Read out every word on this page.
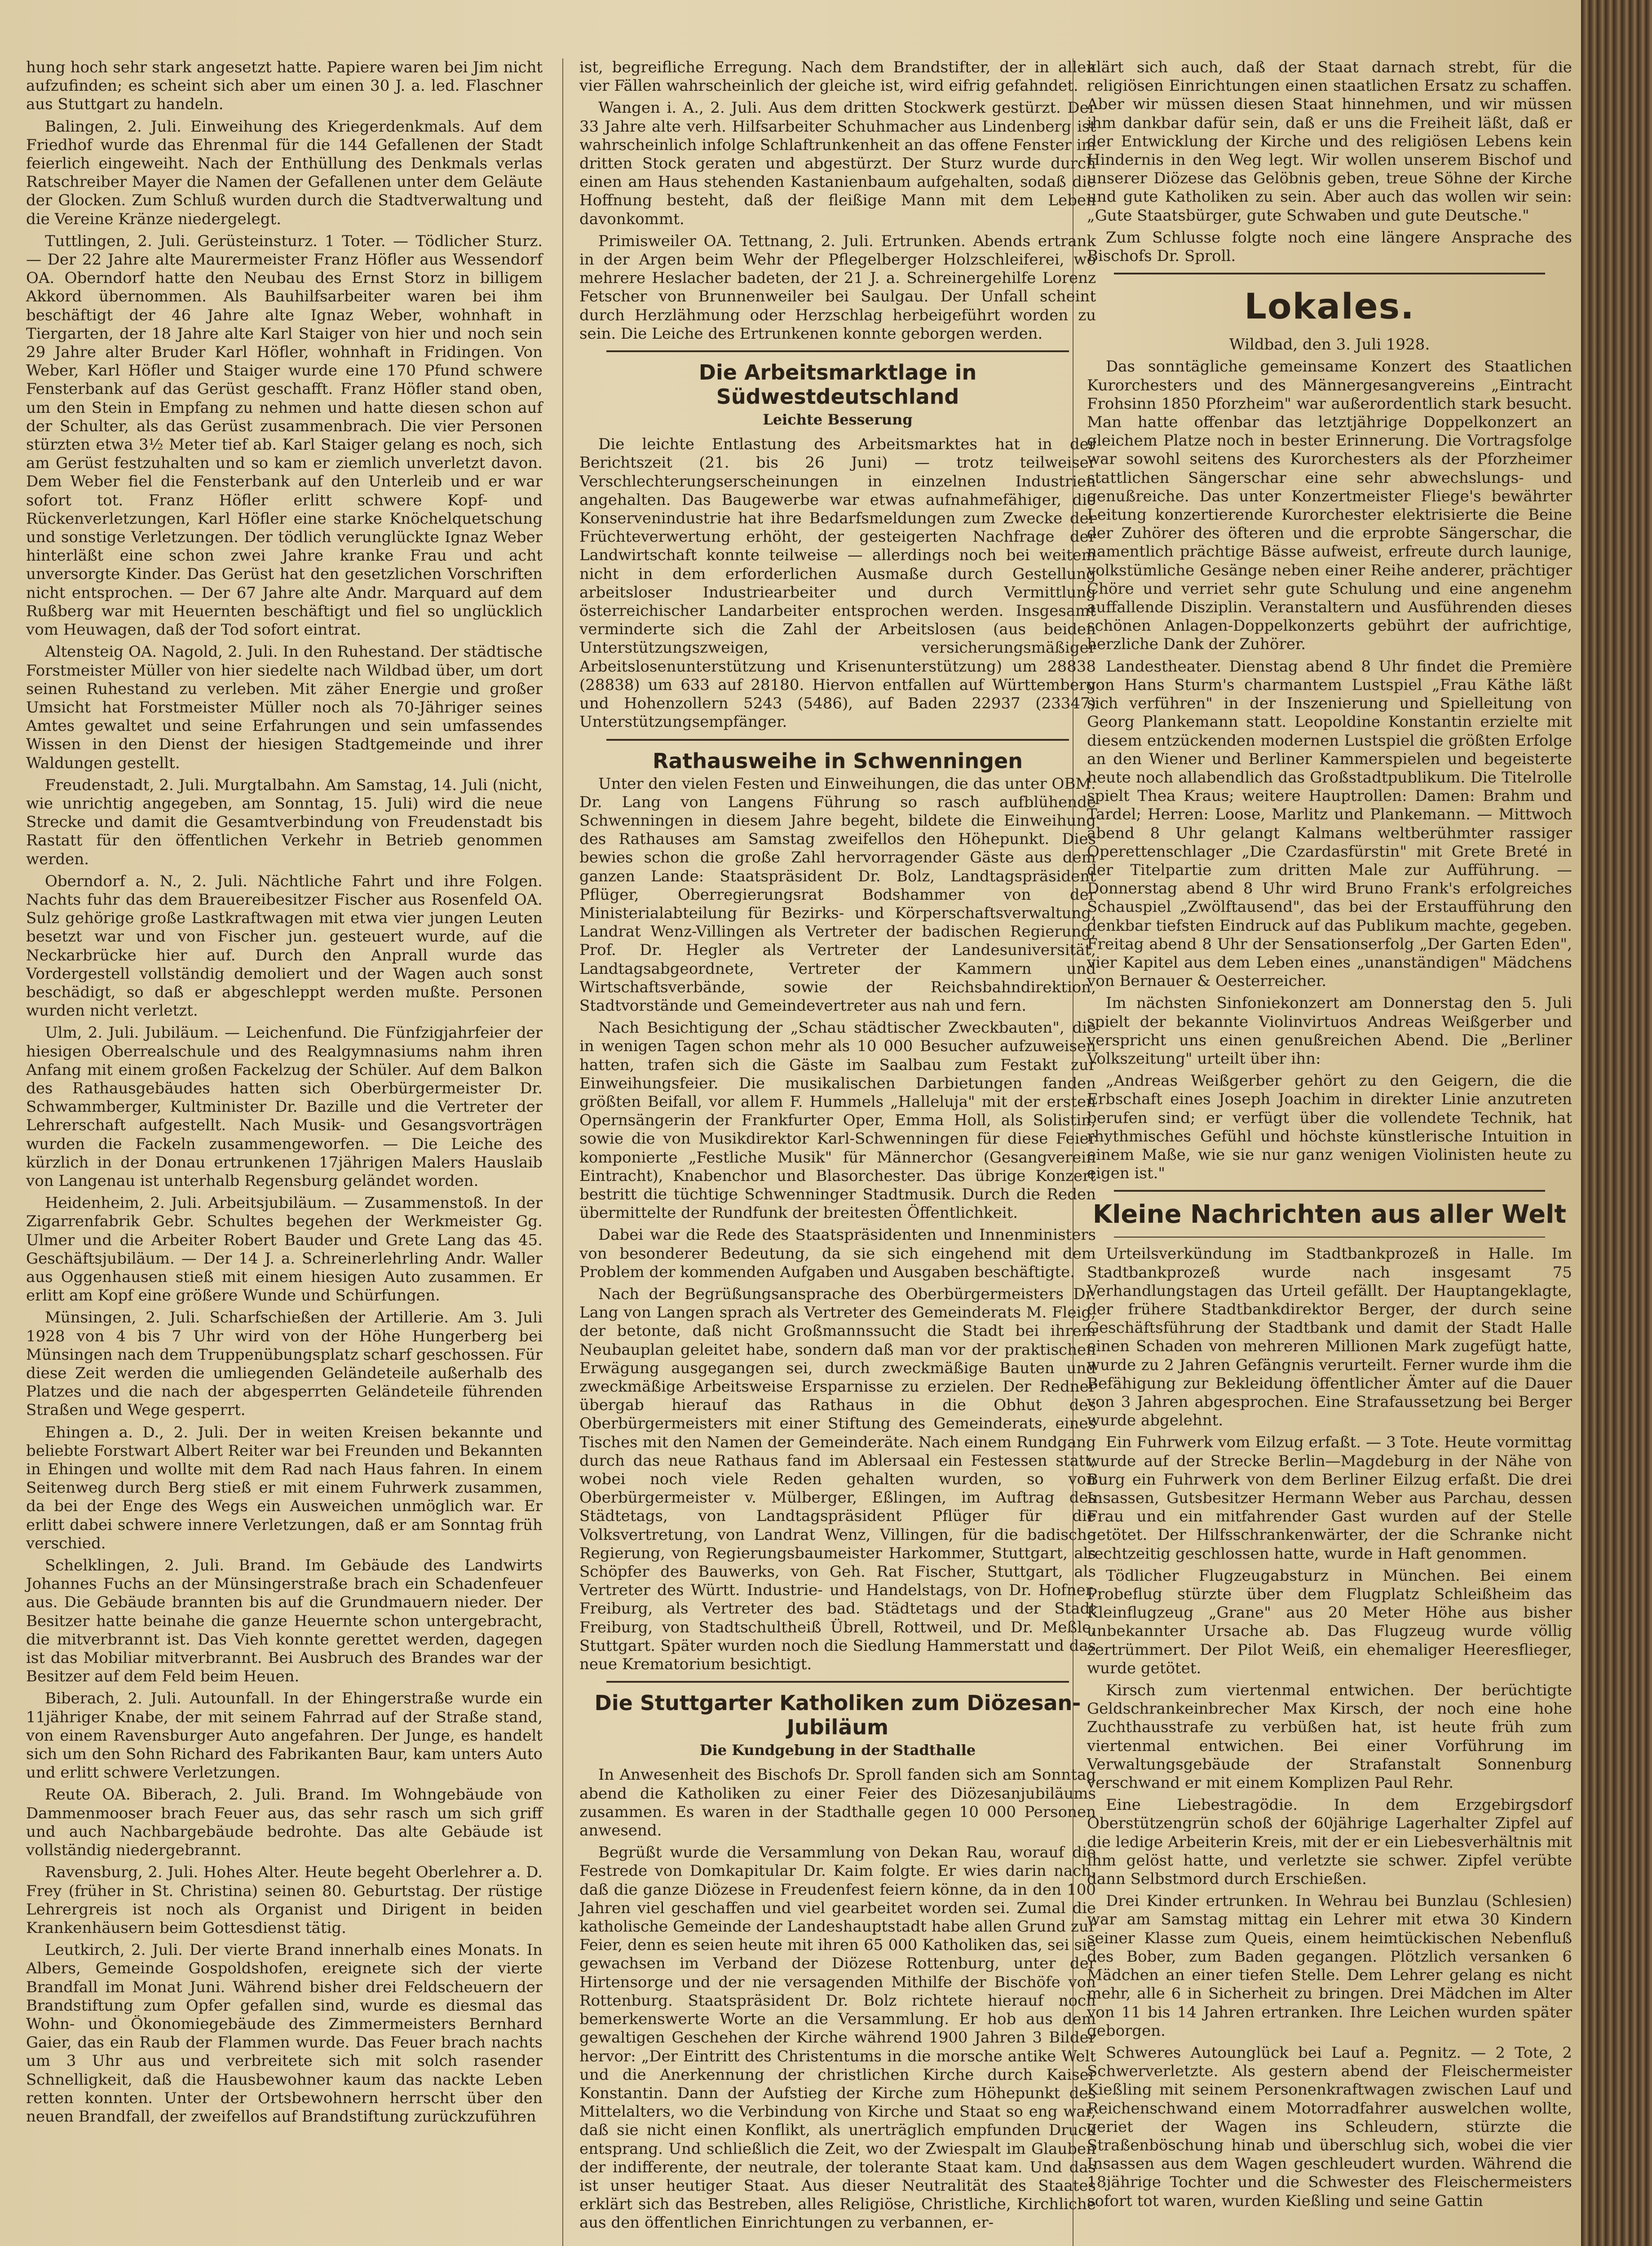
hung hoch sehr stark angesetzt hatte. Papiere waren bei Jim nicht aufzufinden; es scheint sich aber um einen 30 J. a. led. Flaschner aus Stuttgart zu handeln.

Balingen, 2. Juli. Einweihung des Kriegerdenkmals. Auf dem Friedhof wurde das Ehrenmal für die 144 Gefallenen der Stadt feierlich eingeweiht. Nach der Enthüllung des Denkmals verlas Ratschreiber Mayer die Namen der Gefallenen unter dem Geläute der Glocken. Zum Schluß wurden durch die Stadtverwaltung und die Vereine Kränze niedergelegt.

Tuttlingen, 2. Juli. Gerüsteinsturz. 1 Toter. — Tödlicher Sturz. — Der 22 Jahre alte Maurermeister Franz Höfler aus Wessendorf OA. Oberndorf hatte den Neubau des Ernst Storz in billigem Akkord übernommen. Als Bauhilfsarbeiter waren bei ihm beschäftigt der 46 Jahre alte Ignaz Weber, wohnhaft in Tiergarten, der 18 Jahre alte Karl Staiger von hier und noch sein 29 Jahre alter Bruder Karl Höfler, wohnhaft in Fridingen. Von Weber, Karl Höfler und Staiger wurde eine 170 Pfund schwere Fensterbank auf das Gerüst geschafft. Franz Höfler stand oben, um den Stein in Empfang zu nehmen und hatte diesen schon auf der Schulter, als das Gerüst zusammenbrach. Die vier Personen stürzten etwa 3½ Meter tief ab. Karl Staiger gelang es noch, sich am Gerüst festzuhalten und so kam er ziemlich unverletzt davon. Dem Weber fiel die Fensterbank auf den Unterleib und er war sofort tot. Franz Höfler erlitt schwere Kopf- und Rückenverletzungen, Karl Höfler eine starke Knöchelquetschung und sonstige Verletzungen. Der tödlich verunglückte Ignaz Weber hinterläßt eine schon zwei Jahre kranke Frau und acht unversorgte Kinder. Das Gerüst hat den gesetzlichen Vorschriften nicht entsprochen. — Der 67 Jahre alte Andr. Marquard auf dem Rußberg war mit Heuernten beschäftigt und fiel so unglücklich vom Heuwagen, daß der Tod sofort eintrat.

Altensteig OA. Nagold, 2. Juli. In den Ruhestand. Der städtische Forstmeister Müller von hier siedelte nach Wildbad über, um dort seinen Ruhestand zu verleben. Mit zäher Energie und großer Umsicht hat Forstmeister Müller noch als 70-Jähriger seines Amtes gewaltet und seine Erfahrungen und sein umfassendes Wissen in den Dienst der hiesigen Stadtgemeinde und ihrer Waldungen gestellt.

Freudenstadt, 2. Juli. Murgtalbahn. Am Samstag, 14. Juli (nicht, wie unrichtig angegeben, am Sonntag, 15. Juli) wird die neue Strecke und damit die Gesamtverbindung von Freudenstadt bis Rastatt für den öffentlichen Verkehr in Betrieb genommen werden.

Oberndorf a. N., 2. Juli. Nächtliche Fahrt und ihre Folgen. Nachts fuhr das dem Brauereibesitzer Fischer aus Rosenfeld OA. Sulz gehörige große Lastkraftwagen mit etwa vier jungen Leuten besetzt war und von Fischer jun. gesteuert wurde, auf die Neckarbrücke hier auf. Durch den Anprall wurde das Vordergestell vollständig demoliert und der Wagen auch sonst beschädigt, so daß er abgeschleppt werden mußte. Personen wurden nicht verletzt.

Ulm, 2. Juli. Jubiläum. — Leichenfund. Die Fünfzigjahrfeier der hiesigen Oberrealschule und des Realgymnasiums nahm ihren Anfang mit einem großen Fackelzug der Schüler. Auf dem Balkon des Rathausgebäudes hatten sich Oberbürgermeister Dr. Schwammberger, Kultminister Dr. Bazille und die Vertreter der Lehrerschaft aufgestellt. Nach Musik- und Gesangsvorträgen wurden die Fackeln zusammengeworfen. — Die Leiche des kürzlich in der Donau ertrunkenen 17jährigen Malers Hauslaib von Langenau ist unterhalb Regensburg geländet worden.

Heidenheim, 2. Juli. Arbeitsjubiläum. — Zusammenstoß. In der Zigarrenfabrik Gebr. Schultes begehen der Werkmeister Gg. Ulmer und die Arbeiter Robert Bauder und Grete Lang das 45. Geschäftsjubiläum. — Der 14 J. a. Schreinerlehrling Andr. Waller aus Oggenhausen stieß mit einem hiesigen Auto zusammen. Er erlitt am Kopf eine größere Wunde und Schürfungen.

Münsingen, 2. Juli. Scharfschießen der Artillerie. Am 3. Juli 1928 von 4 bis 7 Uhr wird von der Höhe Hungerberg bei Münsingen nach dem Truppenübungsplatz scharf geschossen. Für diese Zeit werden die umliegenden Geländeteile außerhalb des Platzes und die nach der abgesperrten Geländeteile führenden Straßen und Wege gesperrt.

Ehingen a. D., 2. Juli. Der in weiten Kreisen bekannte und beliebte Forstwart Albert Reiter war bei Freunden und Bekannten in Ehingen und wollte mit dem Rad nach Haus fahren. In einem Seitenweg durch Berg stieß er mit einem Fuhrwerk zusammen, da bei der Enge des Wegs ein Ausweichen unmöglich war. Er erlitt dabei schwere innere Verletzungen, daß er am Sonntag früh verschied.

Schelklingen, 2. Juli. Brand. Im Gebäude des Landwirts Johannes Fuchs an der Münsingerstraße brach ein Schadenfeuer aus. Die Gebäude brannten bis auf die Grundmauern nieder. Der Besitzer hatte beinahe die ganze Heuernte schon untergebracht, die mitverbrannt ist. Das Vieh konnte gerettet werden, dagegen ist das Mobiliar mitverbrannt. Bei Ausbruch des Brandes war der Besitzer auf dem Feld beim Heuen.

Biberach, 2. Juli. Autounfall. In der Ehingerstraße wurde ein 11jähriger Knabe, der mit seinem Fahrrad auf der Straße stand, von einem Ravensburger Auto angefahren. Der Junge, es handelt sich um den Sohn Richard des Fabrikanten Baur, kam unters Auto und erlitt schwere Verletzungen.

Reute OA. Biberach, 2. Juli. Brand. Im Wohngebäude von Dammenmooser brach Feuer aus, das sehr rasch um sich griff und auch Nachbargebäude bedrohte. Das alte Gebäude ist vollständig niedergebrannt.

Ravensburg, 2. Juli. Hohes Alter. Heute begeht Oberlehrer a. D. Frey (früher in St. Christina) seinen 80. Geburtstag. Der rüstige Lehrergreis ist noch als Organist und Dirigent in beiden Krankenhäusern beim Gottesdienst tätig.

Leutkirch, 2. Juli. Der vierte Brand innerhalb eines Monats. In Albers, Gemeinde Gospoldshofen, ereignete sich der vierte Brandfall im Monat Juni. Während bisher drei Feldscheuern der Brandstiftung zum Opfer gefallen sind, wurde es diesmal das Wohn- und Ökonomiegebäude des Zimmermeisters Bernhard Gaier, das ein Raub der Flammen wurde. Das Feuer brach nachts um 3 Uhr aus und verbreitete sich mit solch rasender Schnelligkeit, daß die Hausbewohner kaum das nackte Leben retten konnten. Unter der Ortsbewohnern herrscht über den neuen Brandfall, der zweifellos auf Brandstiftung zurückzuführen

ist, begreifliche Erregung. Nach dem Brandstifter, der in allen vier Fällen wahrscheinlich der gleiche ist, wird eifrig gefahndet.

Wangen i. A., 2. Juli. Aus dem dritten Stockwerk gestürzt. Der 33 Jahre alte verh. Hilfsarbeiter Schuhmacher aus Lindenberg ist wahrscheinlich infolge Schlaftrunkenheit an das offene Fenster im dritten Stock geraten und abgestürzt. Der Sturz wurde durch einen am Haus stehenden Kastanienbaum aufgehalten, sodaß die Hoffnung besteht, daß der fleißige Mann mit dem Leben davonkommt.

Primisweiler OA. Tettnang, 2. Juli. Ertrunken. Abends ertrank in der Argen beim Wehr der Pflegelberger Holzschleiferei, wo mehrere Heslacher badeten, der 21 J. a. Schreinergehilfe Lorenz Fetscher von Brunnenweiler bei Saulgau. Der Unfall scheint durch Herzlähmung oder Herzschlag herbeigeführt worden zu sein. Die Leiche des Ertrunkenen konnte geborgen werden.

Die Arbeitsmarktlage in Südwestdeutschland
Leichte Besserung

Die leichte Entlastung des Arbeitsmarktes hat in der Berichtszeit (21. bis 26 Juni) — trotz teilweiser Verschlechterungserscheinungen in einzelnen Industrien angehalten. Das Baugewerbe war etwas aufnahmefähiger, die Konservenindustrie hat ihre Bedarfsmeldungen zum Zwecke der Früchteverwertung erhöht, der gesteigerten Nachfrage der Landwirtschaft konnte teilweise — allerdings noch bei weitem nicht in dem erforderlichen Ausmaße durch Gestellung arbeitsloser Industriearbeiter und durch Vermittlung österreichischer Landarbeiter entsprochen werden. Insgesamt verminderte sich die Zahl der Arbeitslosen (aus beiden Unterstützungszweigen, versicherungsmäßiger Arbeitslosenunterstützung und Krisenunterstützung) um 28838 (28838) um 633 auf 28180. Hiervon entfallen auf Württemberg und Hohenzollern 5243 (5486), auf Baden 22937 (23347) Unterstützungsempfänger.

Rathausweihe in Schwenningen

Unter den vielen Festen und Einweihungen, die das unter OBM. Dr. Lang von Langens Führung so rasch aufblühende Schwenningen in diesem Jahre begeht, bildete die Einweihung des Rathauses am Samstag zweifellos den Höhepunkt. Dies bewies schon die große Zahl hervorragender Gäste aus dem ganzen Lande: Staatspräsident Dr. Bolz, Landtagspräsident Pflüger, Oberregierungsrat Bodshammer von der Ministerialabteilung für Bezirks- und Körperschaftsverwaltung, Landrat Wenz-Villingen als Vertreter der badischen Regierung, Prof. Dr. Hegler als Vertreter der Landesuniversität, Landtagsabgeordnete, Vertreter der Kammern und Wirtschaftsverbände, sowie der Reichsbahndirektion, Stadtvorstände und Gemeindevertreter aus nah und fern.

Nach Besichtigung der „Schau städtischer Zweckbauten", die in wenigen Tagen schon mehr als 10 000 Besucher aufzuweisen hatten, trafen sich die Gäste im Saalbau zum Festakt zur Einweihungsfeier. Die musikalischen Darbietungen fanden größten Beifall, vor allem F. Hummels „Halleluja" mit der ersten Opernsängerin der Frankfurter Oper, Emma Holl, als Solistin, sowie die von Musikdirektor Karl-Schwenningen für diese Feier komponierte „Festliche Musik" für Männerchor (Gesangverein Eintracht), Knabenchor und Blasorchester. Das übrige Konzert bestritt die tüchtige Schwenninger Stadtmusik. Durch die Reden übermittelte der Rundfunk der breitesten Öffentlichkeit.

Dabei war die Rede des Staatspräsidenten und Innenministers von besonderer Bedeutung, da sie sich eingehend mit dem Problem der kommenden Aufgaben und Ausgaben beschäftigte.

Nach der Begrüßungsansprache des Oberbürgermeisters Dr. Lang von Langen sprach als Vertreter des Gemeinderats M. Fleig, der betonte, daß nicht Großmannssucht die Stadt bei ihrem Neubauplan geleitet habe, sondern daß man vor der praktischen Erwägung ausgegangen sei, durch zweckmäßige Bauten und zweckmäßige Arbeitsweise Ersparnisse zu erzielen. Der Redner übergab hierauf das Rathaus in die Obhut des Oberbürgermeisters mit einer Stiftung des Gemeinderats, eines Tisches mit den Namen der Gemeinderäte. Nach einem Rundgang durch das neue Rathaus fand im Ablersaal ein Festessen statt, wobei noch viele Reden gehalten wurden, so von Oberbürgermeister v. Mülberger, Eßlingen, im Auftrag des Städtetags, von Landtagspräsident Pflüger für die Volksvertretung, von Landrat Wenz, Villingen, für die badische Regierung, von Regierungsbaumeister Harkommer, Stuttgart, als Schöpfer des Bauwerks, von Geh. Rat Fischer, Stuttgart, als Vertreter des Württ. Industrie- und Handelstags, von Dr. Hofner, Freiburg, als Vertreter des bad. Städtetags und der Stadt Freiburg, von Stadtschultheiß Übrell, Rottweil, und Dr. Meßle, Stuttgart. Später wurden noch die Siedlung Hammerstatt und das neue Krematorium besichtigt.

Die Stuttgarter Katholiken zum Diözesan-Jubiläum
Die Kundgebung in der Stadthalle

In Anwesenheit des Bischofs Dr. Sproll fanden sich am Sonntag abend die Katholiken zu einer Feier des Diözesanjubiläums zusammen. Es waren in der Stadthalle gegen 10 000 Personen anwesend.

Begrüßt wurde die Versammlung von Dekan Rau, worauf die Festrede von Domkapitular Dr. Kaim folgte. Er wies darin nach, daß die ganze Diözese in Freudenfest feiern könne, da in den 100 Jahren viel geschaffen und viel gearbeitet worden sei. Zumal die katholische Gemeinde der Landeshauptstadt habe allen Grund zur Feier, denn es seien heute mit ihren 65 000 Katholiken das, sei sie gewachsen im Verband der Diözese Rottenburg, unter der Hirtensorge und der nie versagenden Mithilfe der Bischöfe von Rottenburg. Staatspräsident Dr. Bolz richtete hierauf noch bemerkenswerte Worte an die Versammlung. Er hob aus dem gewaltigen Geschehen der Kirche während 1900 Jahren 3 Bilder hervor: „Der Eintritt des Christentums in die morsche antike Welt und die Anerkennung der christlichen Kirche durch Kaiser Konstantin. Dann der Aufstieg der Kirche zum Höhepunkt des Mittelalters, wo die Verbindung von Kirche und Staat so eng war, daß sie nicht einen Konflikt, als unerträglich empfunden Druck entsprang. Und schließlich die Zeit, wo der Zwiespalt im Glauben der indifferente, der neutrale, der tolerante Staat kam. Und das ist unser heutiger Staat. Aus dieser Neutralität des Staates erklärt sich das Bestreben, alles Religiöse, Christliche, Kirchliche aus den öffentlichen Einrichtungen zu verbannen, er-

klärt sich auch, daß der Staat darnach strebt, für die religiösen Einrichtungen einen staatlichen Ersatz zu schaffen. Aber wir müssen diesen Staat hinnehmen, und wir müssen ihm dankbar dafür sein, daß er uns die Freiheit läßt, daß er der Entwicklung der Kirche und des religiösen Lebens kein Hindernis in den Weg legt. Wir wollen unserem Bischof und unserer Diözese das Gelöbnis geben, treue Söhne der Kirche und gute Katholiken zu sein. Aber auch das wollen wir sein: „Gute Staatsbürger, gute Schwaben und gute Deutsche."

Zum Schlusse folgte noch eine längere Ansprache des Bischofs Dr. Sproll.

Lokales.

Wildbad, den 3. Juli 1928.

Das sonntägliche gemeinsame Konzert des Staatlichen Kurorchesters und des Männergesangvereins „Eintracht Frohsinn 1850 Pforzheim" war außerordentlich stark besucht. Man hatte offenbar das letztjährige Doppelkonzert an gleichem Platze noch in bester Erinnerung. Die Vortragsfolge war sowohl seitens des Kurorchesters als der Pforzheimer stattlichen Sängerschar eine sehr abwechslungs- und genußreiche. Das unter Konzertmeister Fliege's bewährter Leitung konzertierende Kurorchester elektrisierte die Beine der Zuhörer des öfteren und die erprobte Sängerschar, die namentlich prächtige Bässe aufweist, erfreute durch launige, volkstümliche Gesänge neben einer Reihe anderer, prächtiger Chöre und verriet sehr gute Schulung und eine angenehm auffallende Disziplin. Veranstaltern und Ausführenden dieses schönen Anlagen-Doppelkonzerts gebührt der aufrichtige, herzliche Dank der Zuhörer.

Landestheater. Dienstag abend 8 Uhr findet die Première von Hans Sturm's charmantem Lustspiel „Frau Käthe läßt sich verführen" in der Inszenierung und Spielleitung von Georg Plankemann statt. Leopoldine Konstantin erzielte mit diesem entzückenden modernen Lustspiel die größten Erfolge an den Wiener und Berliner Kammerspielen und begeisterte heute noch allabendlich das Großstadtpublikum. Die Titelrolle spielt Thea Kraus; weitere Hauptrollen: Damen: Brahm und Tardel; Herren: Loose, Marlitz und Plankemann. — Mittwoch abend 8 Uhr gelangt Kalmans weltberühmter rassiger Operettenschlager „Die Czardasfürstin" mit Grete Breté in der Titelpartie zum dritten Male zur Aufführung. — Donnerstag abend 8 Uhr wird Bruno Frank's erfolgreiches Schauspiel „Zwölftausend", das bei der Erstaufführung den denkbar tiefsten Eindruck auf das Publikum machte, gegeben. Freitag abend 8 Uhr der Sensationserfolg „Der Garten Eden", vier Kapitel aus dem Leben eines „unanständigen" Mädchens von Bernauer & Oesterreicher.

Im nächsten Sinfoniekonzert am Donnerstag den 5. Juli spielt der bekannte Violinvirtuos Andreas Weißgerber und verspricht uns einen genußreichen Abend. Die „Berliner Volkszeitung" urteilt über ihn:

„Andreas Weißgerber gehört zu den Geigern, die die Erbschaft eines Joseph Joachim in direkter Linie anzutreten berufen sind; er verfügt über die vollendete Technik, hat rhythmisches Gefühl und höchste künstlerische Intuition in einem Maße, wie sie nur ganz wenigen Violinisten heute zu eigen ist."

Kleine Nachrichten aus aller Welt

Urteilsverkündung im Stadtbankprozeß in Halle. Im Stadtbankprozeß wurde nach insgesamt 75 Verhandlungstagen das Urteil gefällt. Der Hauptangeklagte, der frühere Stadtbankdirektor Berger, der durch seine Geschäftsführung der Stadtbank und damit der Stadt Halle einen Schaden von mehreren Millionen Mark zugefügt hatte, wurde zu 2 Jahren Gefängnis verurteilt. Ferner wurde ihm die Befähigung zur Bekleidung öffentlicher Ämter auf die Dauer von 3 Jahren abgesprochen. Eine Strafaussetzung bei Berger wurde abgelehnt.

Ein Fuhrwerk vom Eilzug erfaßt. — 3 Tote. Heute vormittag wurde auf der Strecke Berlin—Magdeburg in der Nähe von Burg ein Fuhrwerk von dem Berliner Eilzug erfaßt. Die drei Insassen, Gutsbesitzer Hermann Weber aus Parchau, dessen Frau und ein mitfahrender Gast wurden auf der Stelle getötet. Der Hilfsschrankenwärter, der die Schranke nicht rechtzeitig geschlossen hatte, wurde in Haft genommen.

Tödlicher Flugzeugabsturz in München. Bei einem Probeflug stürzte über dem Flugplatz Schleißheim das Kleinflugzeug „Grane" aus 20 Meter Höhe aus bisher unbekannter Ursache ab. Das Flugzeug wurde völlig zertrümmert. Der Pilot Weiß, ein ehemaliger Heeresflieger, wurde getötet.

Kirsch zum viertenmal entwichen. Der berüchtigte Geldschrankeinbrecher Max Kirsch, der noch eine hohe Zuchthausstrafe zu verbüßen hat, ist heute früh zum viertenmal entwichen. Bei einer Vorführung im Verwaltungsgebäude der Strafanstalt Sonnenburg verschwand er mit einem Komplizen Paul Rehr.

Eine Liebestragödie. In dem Erzgebirgsdorf Oberstützengrün schoß der 60jährige Lagerhalter Zipfel auf die ledige Arbeiterin Kreis, mit der er ein Liebesverhältnis mit ihm gelöst hatte, und verletzte sie schwer. Zipfel verübte dann Selbstmord durch Erschießen.

Drei Kinder ertrunken. In Wehrau bei Bunzlau (Schlesien) war am Samstag mittag ein Lehrer mit etwa 30 Kindern seiner Klasse zum Queis, einem heimtückischen Nebenfluß des Bober, zum Baden gegangen. Plötzlich versanken 6 Mädchen an einer tiefen Stelle. Dem Lehrer gelang es nicht mehr, alle 6 in Sicherheit zu bringen. Drei Mädchen im Alter von 11 bis 14 Jahren ertranken. Ihre Leichen wurden später geborgen.

Schweres Autounglück bei Lauf a. Pegnitz. — 2 Tote, 2 Schwerverletzte. Als gestern abend der Fleischermeister Kießling mit seinem Personenkraftwagen zwischen Lauf und Reichenschwand einem Motorradfahrer auswelchen wollte, geriet der Wagen ins Schleudern, stürzte die Straßenböschung hinab und überschlug sich, wobei die vier Insassen aus dem Wagen geschleudert wurden. Während die 18jährige Tochter und die Schwester des Fleischermeisters sofort tot waren, wurden Kießling und seine Gattin
